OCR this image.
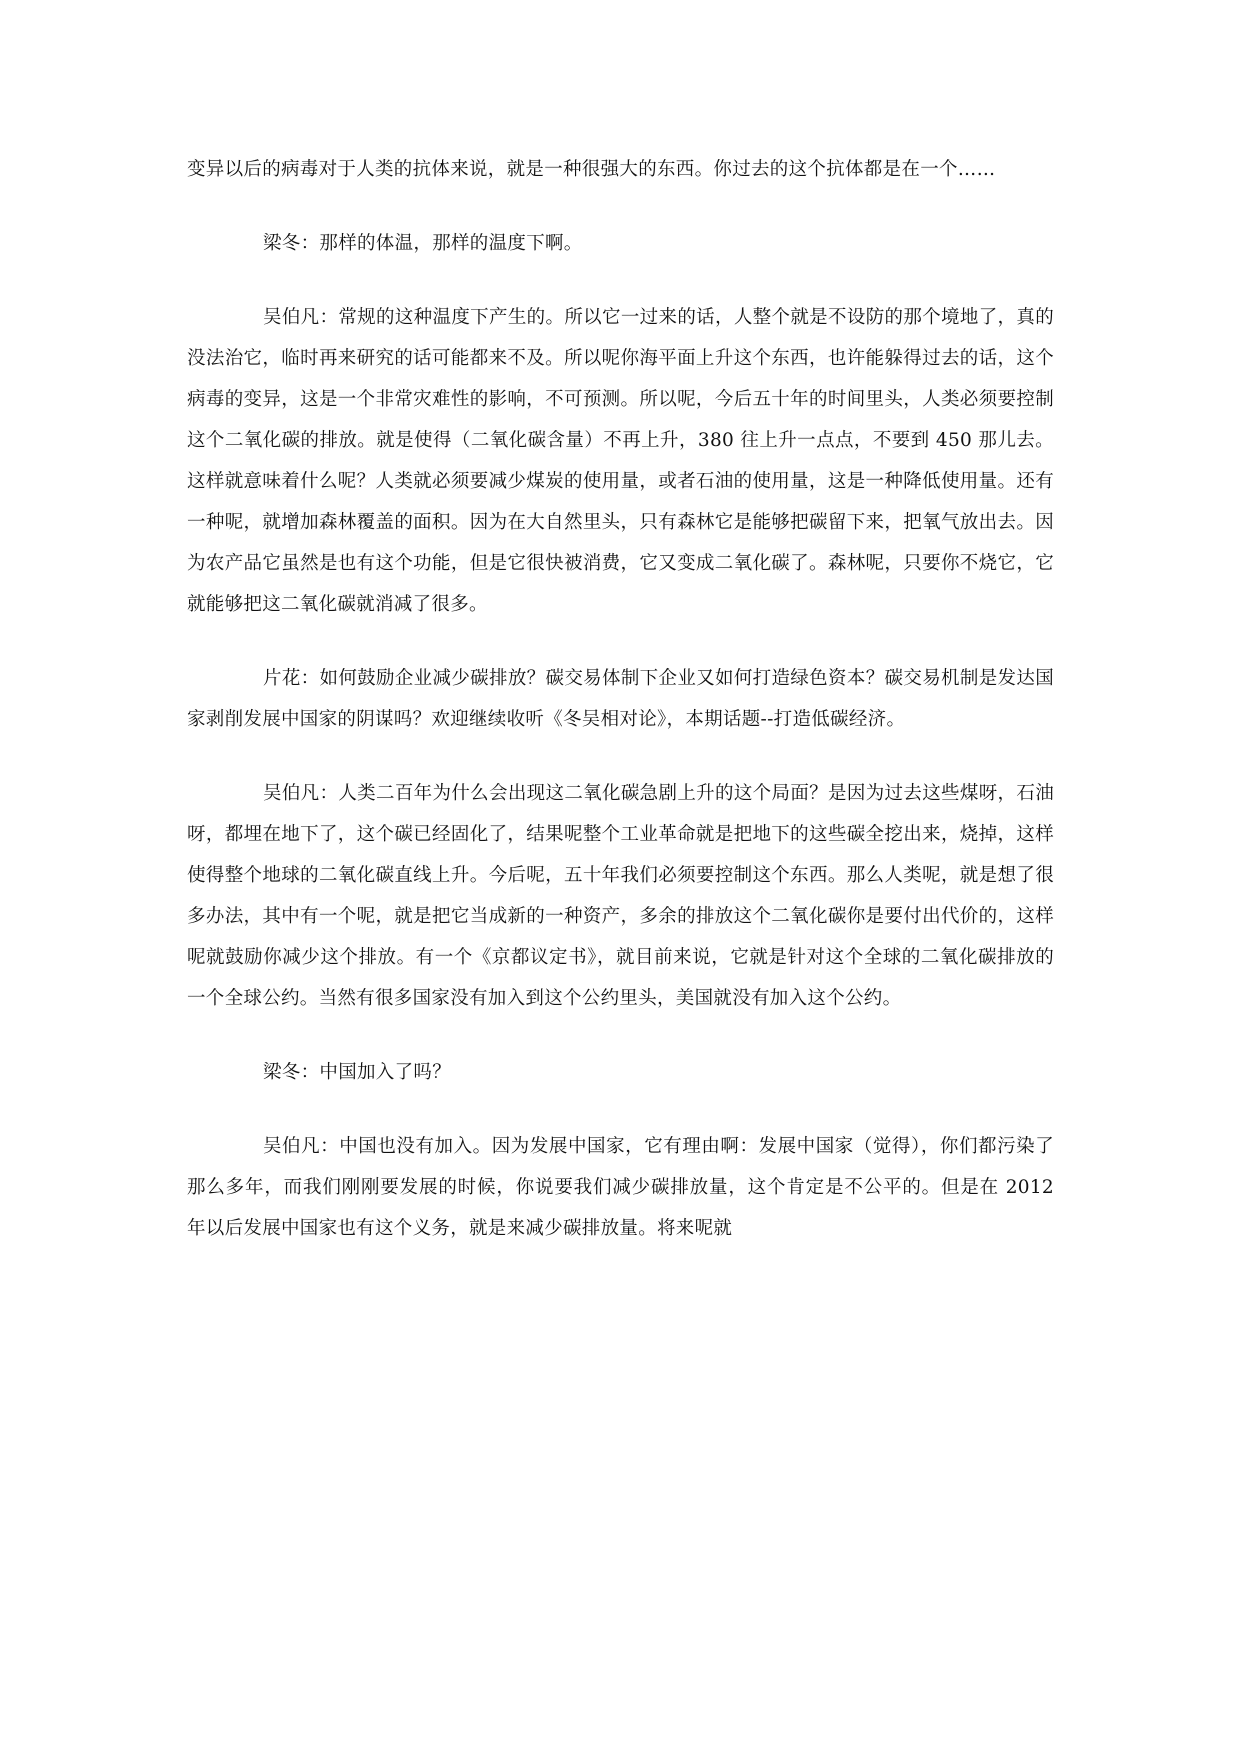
变异以后的病毒对于人类的抗体来说，就是一种很强大的东西。你过去的这个抗体都是在一个……

梁冬：那样的体温，那样的温度下啊。

吴伯凡：常规的这种温度下产生的。所以它一过来的话，人整个就是不设防的那个境地了，真的没法治它，临时再来研究的话可能都来不及。所以呢你海平面上升这个东西，也许能躲得过去的话，这个病毒的变异，这是一个非常灾难性的影响，不可预测。所以呢，今后五十年的时间里头，人类必须要控制这个二氧化碳的排放。就是使得（二氧化碳含量）不再上升，380 往上升一点点，不要到 450 那儿去。这样就意味着什么呢？人类就必须要减少煤炭的使用量，或者石油的使用量，这是一种降低使用量。还有一种呢，就增加森林覆盖的面积。因为在大自然里头，只有森林它是能够把碳留下来，把氧气放出去。因为农产品它虽然是也有这个功能，但是它很快被消费，它又变成二氧化碳了。森林呢，只要你不烧它，它就能够把这二氧化碳就消减了很多。

片花：如何鼓励企业减少碳排放？碳交易体制下企业又如何打造绿色资本？碳交易机制是发达国家剥削发展中国家的阴谋吗？欢迎继续收听《冬吴相对论》，本期话题--打造低碳经济。

吴伯凡：人类二百年为什么会出现这二氧化碳急剧上升的这个局面？是因为过去这些煤呀，石油呀，都埋在地下了，这个碳已经固化了，结果呢整个工业革命就是把地下的这些碳全挖出来，烧掉，这样使得整个地球的二氧化碳直线上升。今后呢，五十年我们必须要控制这个东西。那么人类呢，就是想了很多办法，其中有一个呢，就是把它当成新的一种资产，多余的排放这个二氧化碳你是要付出代价的，这样呢就鼓励你减少这个排放。有一个《京都议定书》，就目前来说，它就是针对这个全球的二氧化碳排放的一个全球公约。当然有很多国家没有加入到这个公约里头，美国就没有加入这个公约。

梁冬：中国加入了吗？

吴伯凡：中国也没有加入。因为发展中国家，它有理由啊：发展中国家（觉得），你们都污染了那么多年，而我们刚刚要发展的时候，你说要我们减少碳排放量，这个肯定是不公平的。但是在 2012 年以后发展中国家也有这个义务，就是来减少碳排放量。将来呢就
